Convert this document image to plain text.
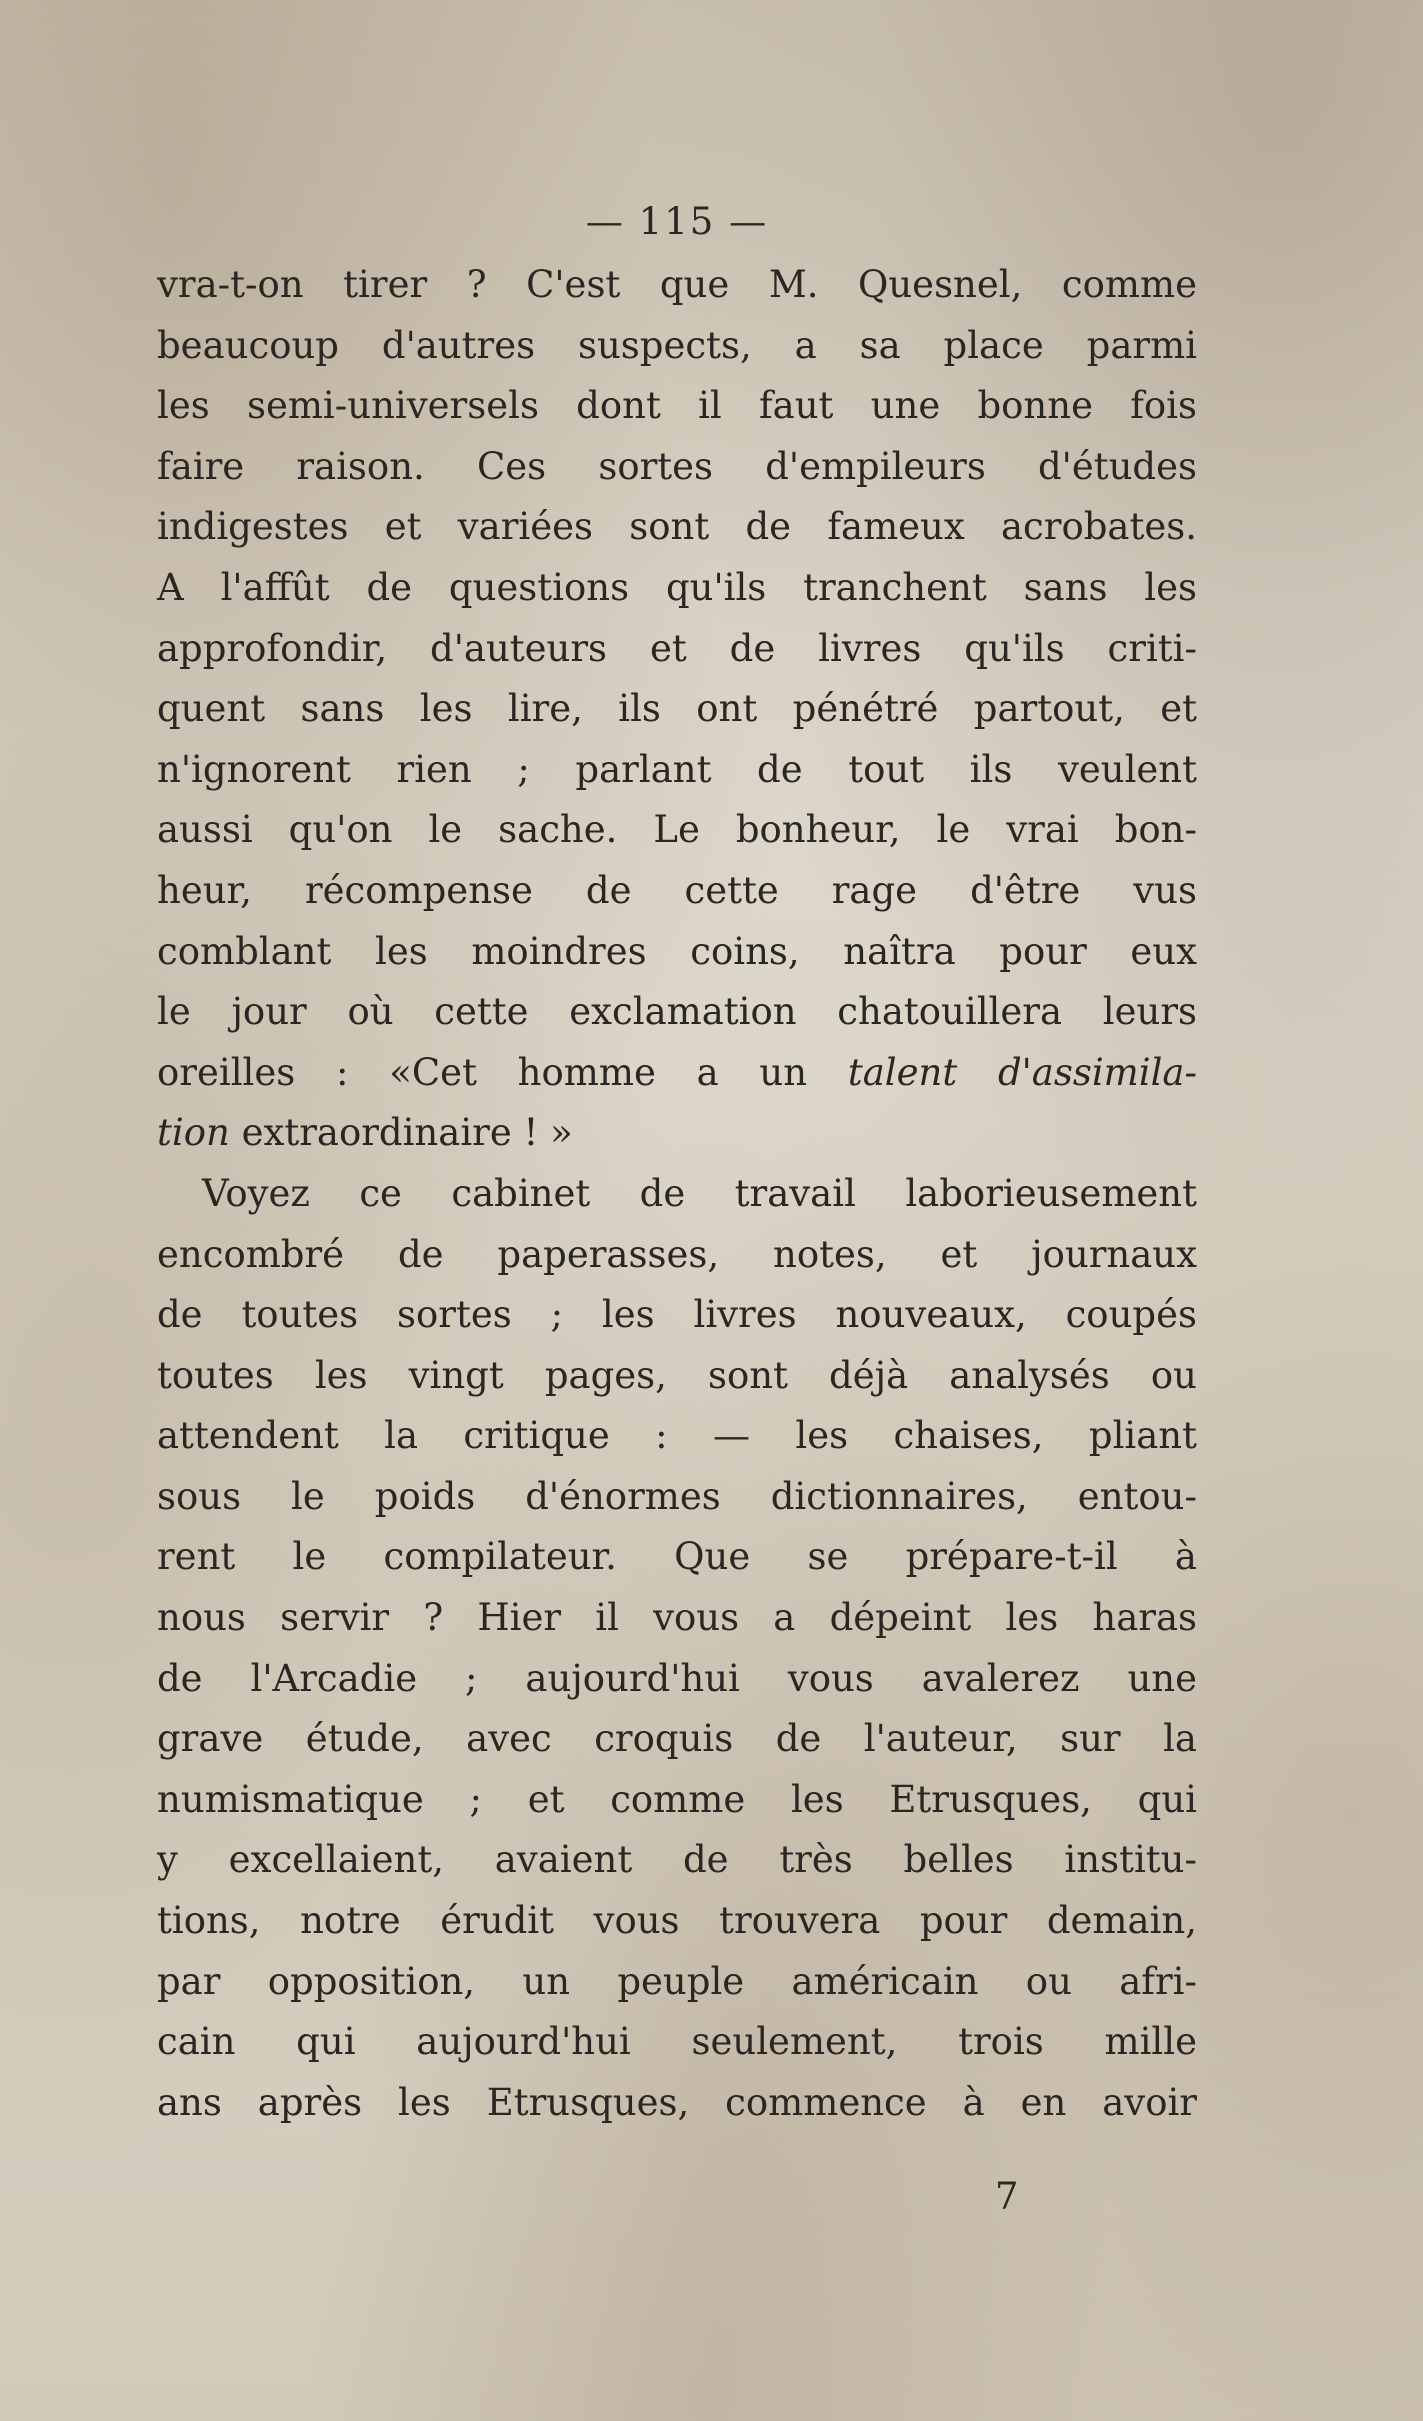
— 115 —
vra-t-on tirer ? C'est que M. Quesnel, comme
beaucoup d'autres suspects, a sa place parmi
les semi-universels dont il faut une bonne fois
faire raison. Ces sortes d'empileurs d'études
indigestes et variées sont de fameux acrobates.
A l'affût de questions qu'ils tranchent sans les
approfondir, d'auteurs et de livres qu'ils criti-
quent sans les lire, ils ont pénétré partout, et
n'ignorent rien ; parlant de tout ils veulent
aussi qu'on le sache. Le bonheur, le vrai bon-
heur, récompense de cette rage d'être vus
comblant les moindres coins, naîtra pour eux
le jour où cette exclamation chatouillera leurs
oreilles : «Cet homme a un talent d'assimila-
tion extraordinaire ! »
Voyez ce cabinet de travail laborieusement
encombré de paperasses, notes, et journaux
de toutes sortes ; les livres nouveaux, coupés
toutes les vingt pages, sont déjà analysés ou
attendent la critique : — les chaises, pliant
sous le poids d'énormes dictionnaires, entou-
rent le compilateur. Que se prépare-t-il à
nous servir ? Hier il vous a dépeint les haras
de l'Arcadie ; aujourd'hui vous avalerez une
grave étude, avec croquis de l'auteur, sur la
numismatique ; et comme les Etrusques, qui
y excellaient, avaient de très belles institu-
tions, notre érudit vous trouvera pour demain,
par opposition, un peuple américain ou afri-
cain qui aujourd'hui seulement, trois mille
ans après les Etrusques, commence à en avoir
7
